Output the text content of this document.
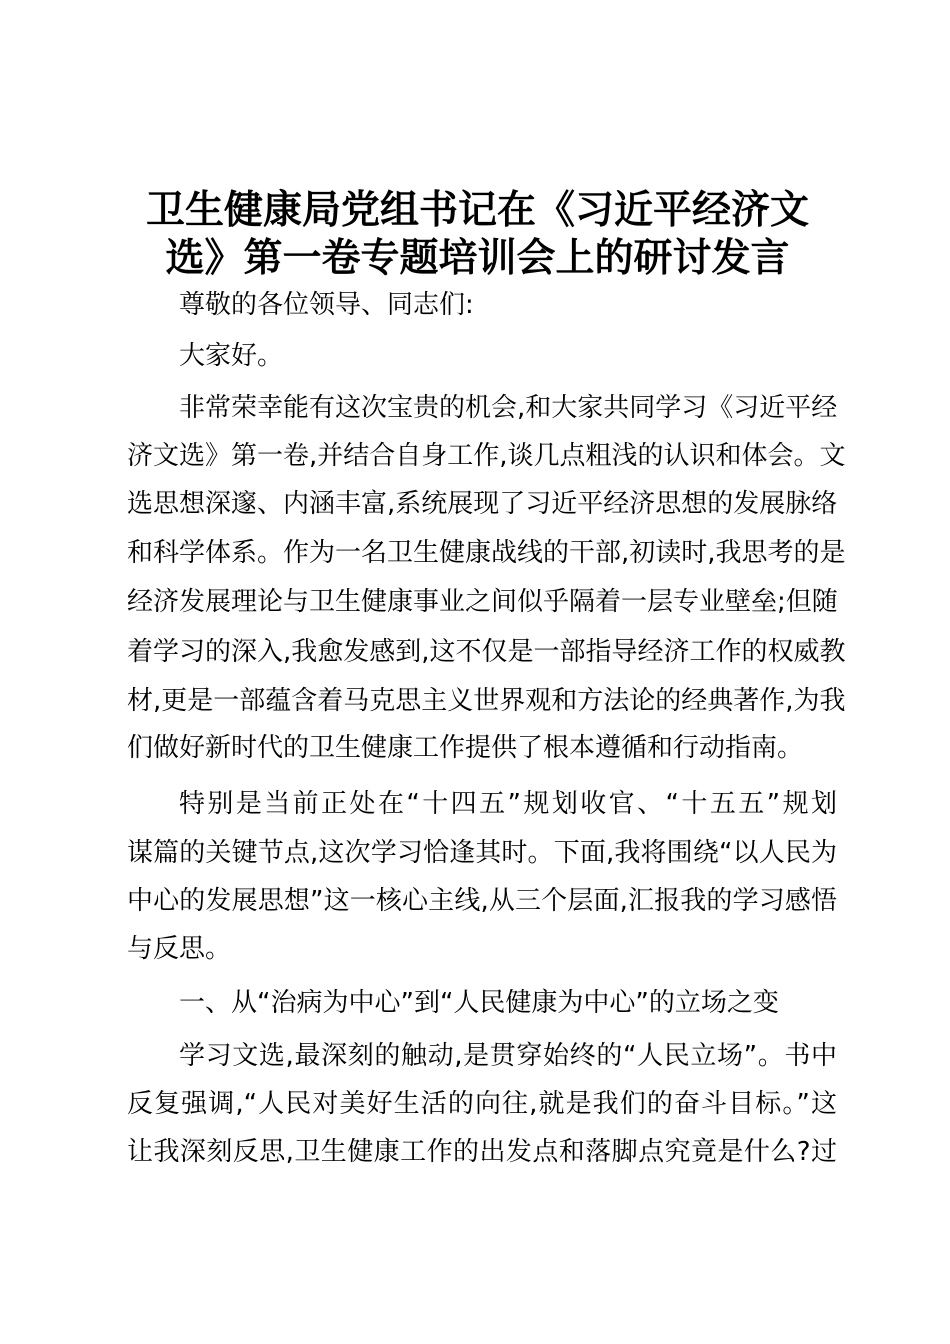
卫生健康局党组书记在《习近平经济文
选》第一卷专题培训会上的研讨发言
尊敬的各位领导、同志们:
大家好。
非常荣幸能有这次宝贵的机会,和大家共同学习《习近平经
济文选》第一卷,并结合自身工作,谈几点粗浅的认识和体会。文
选思想深邃、内涵丰富,系统展现了习近平经济思想的发展脉络
和科学体系。作为一名卫生健康战线的干部,初读时,我思考的是
经济发展理论与卫生健康事业之间似乎隔着一层专业壁垒;但随
着学习的深入,我愈发感到,这不仅是一部指导经济工作的权威教
材,更是一部蕴含着马克思主义世界观和方法论的经典著作,为我
们做好新时代的卫生健康工作提供了根本遵循和行动指南。
特别是当前正处在“十四五”规划收官、“十五五”规划
谋篇的关键节点,这次学习恰逢其时。下面,我将围绕“以人民为
中心的发展思想”这一核心主线,从三个层面,汇报我的学习感悟
与反思。
一、从“治病为中心”到“人民健康为中心”的立场之变
学习文选,最深刻的触动,是贯穿始终的“人民立场”。书中
反复强调,“人民对美好生活的向往,就是我们的奋斗目标。”这
让我深刻反思,卫生健康工作的出发点和落脚点究竟是什么?过
